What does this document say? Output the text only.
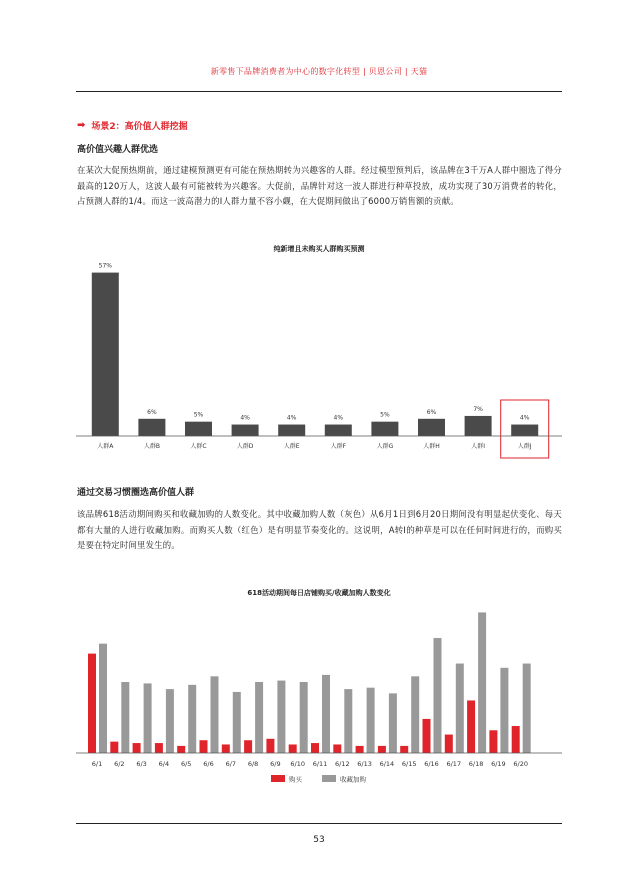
新零售下品牌消费者为中心的数字化转型 | 贝恩公司 | 天猫
➡ 场景2：高价值人群挖掘
高价值兴趣人群优选
在某次大促预热期前，通过建模预测更有可能在预热期转为兴趣客的人群。经过模型预判后，该品牌在3千万A人群中圈选了得分最高的120万人，这波人最有可能被转为兴趣客。大促前，品牌针对这一波人群进行种草投放，成功实现了30万消费者的转化，占预测人群的1/4。而这一波高潜力的I人群力量不容小觑，在大促期间做出了6000万销售额的贡献。
纯新增且未购买人群购买预测
57%
人群A
6%
人群B
5%
人群C
4%
人群D
4%
人群E
4%
人群F
5%
人群G
6%
人群H
7%
人群I
4%
人群J
通过交易习惯圈选高价值人群
该品牌618活动期间购买和收藏加购的人数变化。其中收藏加购人数（灰色）从6月1日到6月20日期间没有明显起伏变化、每天都有大量的人进行收藏加购。而购买人数（红色）是有明显节奏变化的。这说明，A转I的种草是可以在任何时间进行的，而购买是要在特定时间里发生的。
618活动期间每日店铺购买/收藏加购人数变化
6/1 6/2 6/3 6/4 6/5 6/6 6/7 6/8 6/9 6/10 6/11 6/12 6/13 6/14 6/15 6/16 6/17 6/18 6/19 6/20
购买	收藏加购
53
